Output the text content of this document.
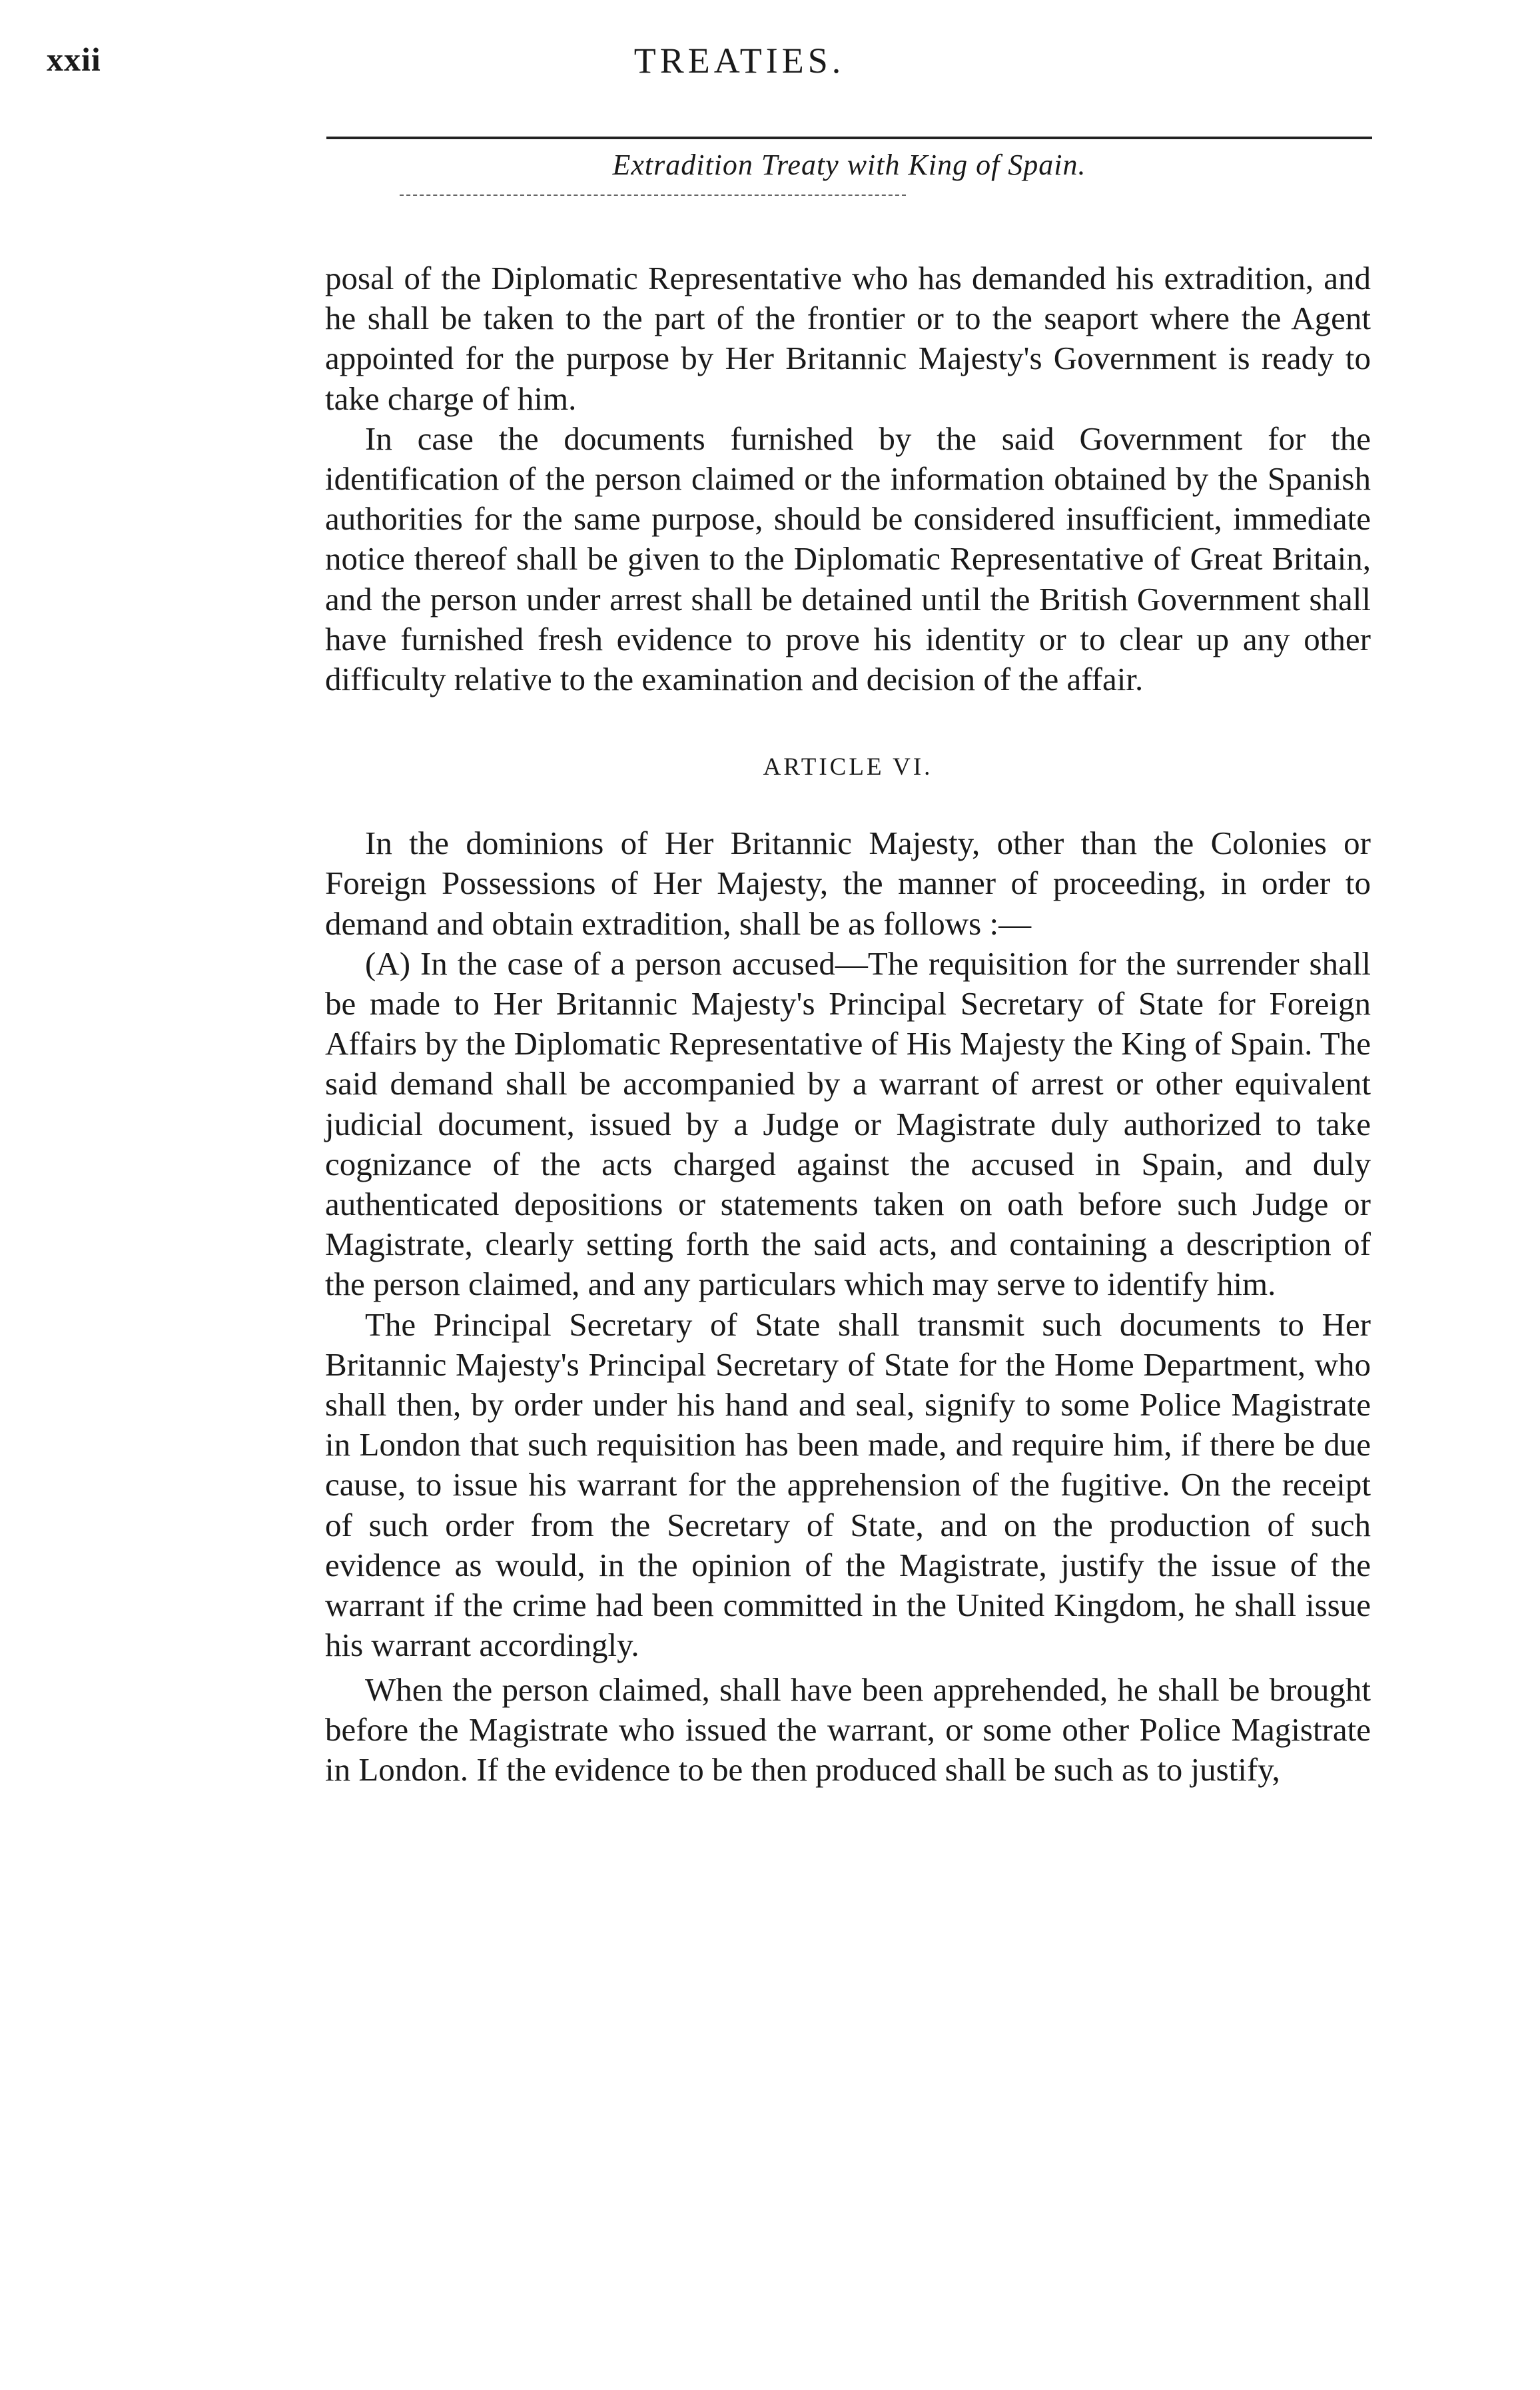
xxii	TREATIES.
Extradition Treaty with King of Spain.

posal of the Diplomatic Representative who has demanded his extradition, and he shall be taken to the part of the frontier or to the seaport where the Agent appointed for the purpose by Her Britannic Majesty's Government is ready to take charge of him.

In case the documents furnished by the said Government for the identification of the person claimed or the information obtained by the Spanish authorities for the same purpose, should be considered insufficient, immediate notice thereof shall be given to the Diplomatic Representative of Great Britain, and the person under arrest shall be detained until the British Government shall have furnished fresh evidence to prove his identity or to clear up any other difficulty relative to the examination and decision of the affair.

ARTICLE VI.

In the dominions of Her Britannic Majesty, other than the Colonies or Foreign Possessions of Her Majesty, the manner of proceeding, in order to demand and obtain extradition, shall be as follows :—

(A) In the case of a person accused—The requisition for the surrender shall be made to Her Britannic Majesty's Principal Secretary of State for Foreign Affairs by the Diplomatic Representative of His Majesty the King of Spain. The said demand shall be accompanied by a warrant of arrest or other equivalent judicial document, issued by a Judge or Magistrate duly authorized to take cognizance of the acts charged against the accused in Spain, and duly authenticated depositions or statements taken on oath before such Judge or Magistrate, clearly setting forth the said acts, and containing a description of the person claimed, and any particulars which may serve to identify him.

The Principal Secretary of State shall transmit such documents to Her Britannic Majesty's Principal Secretary of State for the Home Department, who shall then, by order under his hand and seal, signify to some Police Magistrate in London that such requisition has been made, and require him, if there be due cause, to issue his warrant for the apprehension of the fugitive. On the receipt of such order from the Secretary of State, and on the production of such evidence as would, in the opinion of the Magistrate, justify the issue of the warrant if the crime had been committed in the United Kingdom, he shall issue his warrant accordingly.

When the person claimed, shall have been apprehended, he shall be brought before the Magistrate who issued the warrant, or some other Police Magistrate in London. If the evidence to be then produced shall be such as to justify,
